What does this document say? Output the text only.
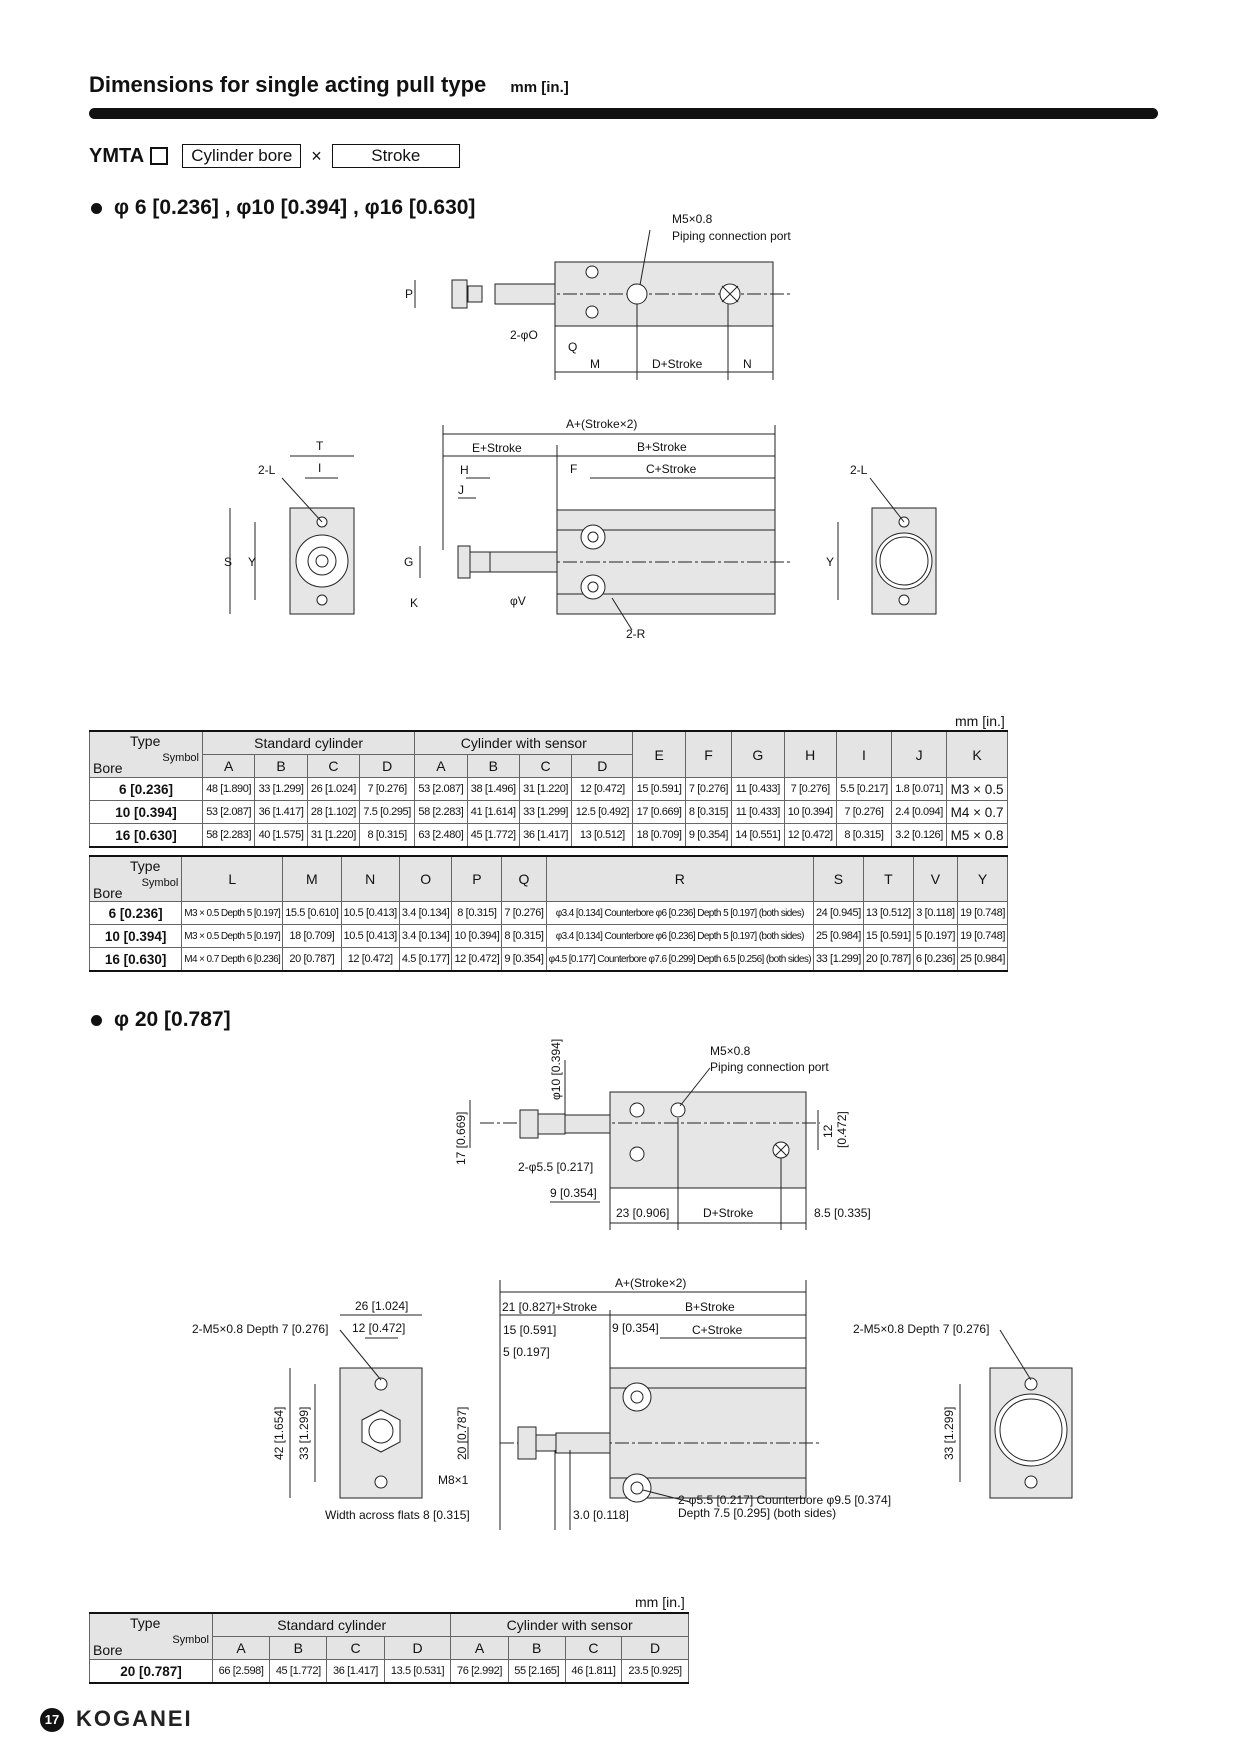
Dimensions for single acting pull type mm [in.]
YMTA	Cylinder bore	×	Stroke
φ 6 [0.236] , φ10 [0.394] , φ16 [0.630]	M5×0.8
Piping connection port
P
2-φO
Q
M	D+Stroke	N
A+(Stroke×2)
E+Stroke	B+Stroke
H	F	C+Stroke
J
T
I
2-L
S Y	G
K	φV
2-R
2-L
Y
mm [in.]
Type
Symbol
Bore	Standard cylinder				Cylinder with sensor				E	F	G	H	I	J	K
	A	B	C	D	A	B	C	D							
6 [0.236]	48 [1.890]	33 [1.299]	26 [1.024]	7 [0.276]	53 [2.087]	38 [1.496]	31 [1.220]	12 [0.472]	15 [0.591]	7 [0.276]	11 [0.433]	7 [0.276]	5.5 [0.217]	1.8 [0.071]	M3 × 0.5
10 [0.394]	53 [2.087]	36 [1.417]	28 [1.102]	7.5 [0.295]	58 [2.283]	41 [1.614]	33 [1.299]	12.5 [0.492]	17 [0.669]	8 [0.315]	11 [0.433]	10 [0.394]	7 [0.276]	2.4 [0.094]	M4 × 0.7
16 [0.630]	58 [2.283]	40 [1.575]	31 [1.220]	8 [0.315]	63 [2.480]	45 [1.772]	36 [1.417]	13 [0.512]	18 [0.709]	9 [0.354]	14 [0.551]	12 [0.472]	8 [0.315]	3.2 [0.126]	M5 × 0.8
Type
Symbol
Bore	L	M	N	O	P	Q	R	S	T	V	Y
6 [0.236]	M3 × 0.5 Depth 5 [0.197]	15.5 [0.610]	10.5 [0.413]	3.4 [0.134]	8 [0.315]	7 [0.276]	φ3.4 [0.134] Counterbore φ6 [0.236] Depth 5 [0.197] (both sides)	24 [0.945]	13 [0.512]	3 [0.118]	19 [0.748]
10 [0.394]	M3 × 0.5 Depth 5 [0.197]	18 [0.709]	10.5 [0.413]	3.4 [0.134]	10 [0.394]	8 [0.315]	φ3.4 [0.134] Counterbore φ6 [0.236] Depth 5 [0.197] (both sides)	25 [0.984]	15 [0.591]	5 [0.197]	19 [0.748]
16 [0.630]	M4 × 0.7 Depth 6 [0.236]	20 [0.787]	12 [0.472]	4.5 [0.177]	12 [0.472]	9 [0.354]	φ4.5 [0.177] Counterbore φ7.6 [0.299] Depth 6.5 [0.256] (both sides)	33 [1.299]	20 [0.787]	6 [0.236]	25 [0.984]
φ 20 [0.787]
φ10 [0.394]	M5×0.8
Piping connection port
17 [0.669]	12 [0.472]
2-φ5.5 [0.217]
9 [0.354]
23 [0.906]	D+Stroke	8.5 [0.335]
A+(Stroke×2)
26 [1.024]
2-M5×0.8 Depth 7 [0.276] 12 [0.472]
21 [0.827]+Stroke	B+Stroke
15 [0.591]	9 [0.354]	C+Stroke
5 [0.197]
2-M5×0.8 Depth 7 [0.276]
42 [1.654] 33 [1.299]	20 [0.787]
M8×1
33 [1.299]
Width across flats 8 [0.315]	3.0 [0.118]
2-φ5.5 [0.217] Counterbore φ9.5 [0.374]
Depth 7.5 [0.295] (both sides)
mm [in.]
Type
Symbol
Bore	Standard cylinder				Cylinder with sensor			
	A	B	C	D	A	B	C	D
20 [0.787]	66 [2.598]	45 [1.772]	36 [1.417]	13.5 [0.531]	76 [2.992]	55 [2.165]	46 [1.811]	23.5 [0.925]
17 KOGANEI
